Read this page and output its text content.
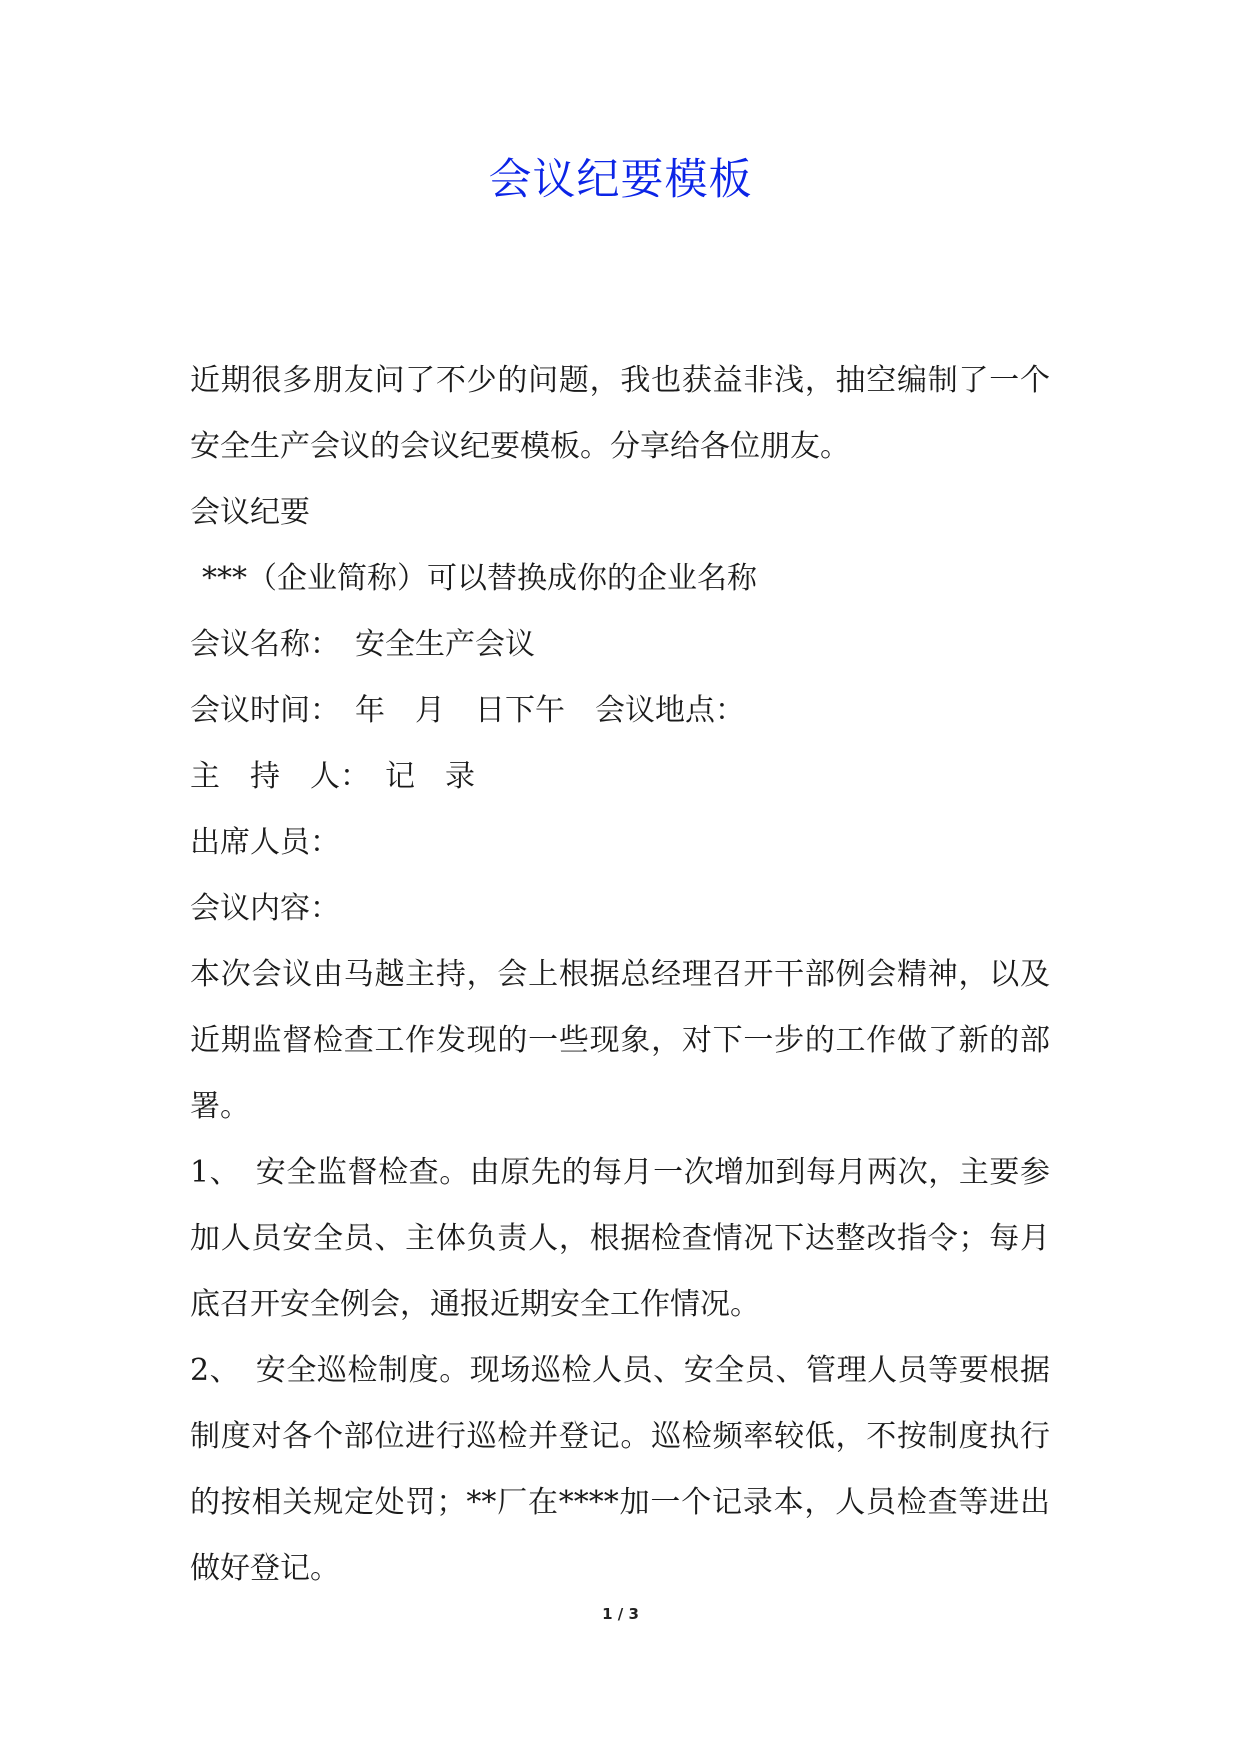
会议纪要模板

近期很多朋友问了不少的问题，我也获益非浅，抽空编制了一个安全生产会议的会议纪要模板。分享给各位朋友。

会议纪要

***（企业简称）可以替换成你的企业名称

会议名称：　安全生产会议

会议时间：　年　月　日下午　会议地点：

主　持　人：　记　录

出席人员：

会议内容：

本次会议由马越主持，会上根据总经理召开干部例会精神，以及近期监督检查工作发现的一些现象，对下一步的工作做了新的部署。

1、　安全监督检查。由原先的每月一次增加到每月两次，主要参加人员安全员、主体负责人，根据检查情况下达整改指令；每月底召开安全例会，通报近期安全工作情况。

2、　安全巡检制度。现场巡检人员、安全员、管理人员等要根据制度对各个部位进行巡检并登记。巡检频率较低，不按制度执行的按相关规定处罚；**厂在****加一个记录本，人员检查等进出做好登记。

1 / 3
